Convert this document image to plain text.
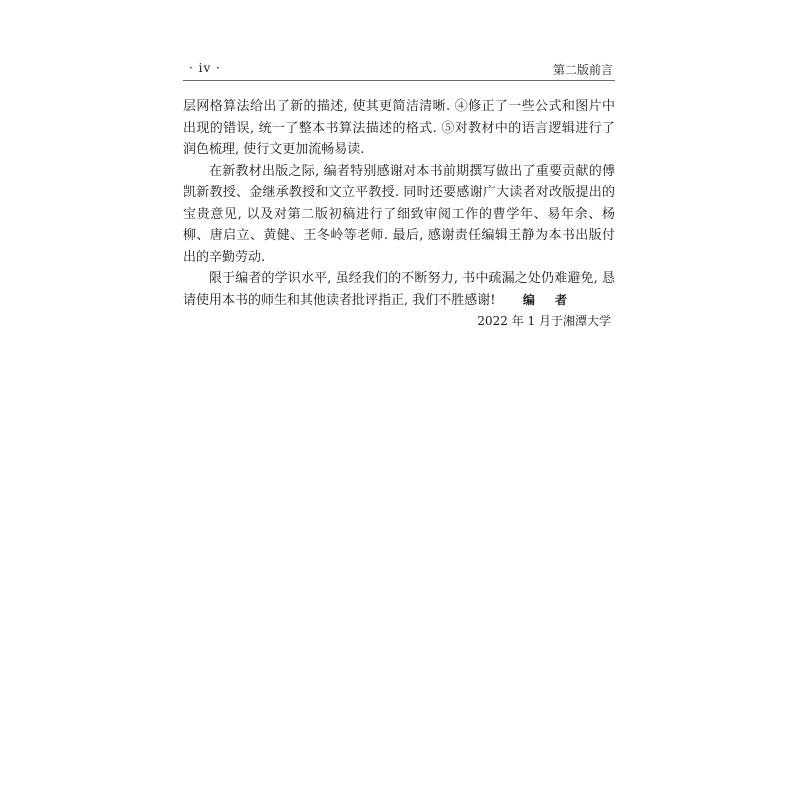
· iv ·	第二版前言

层网格算法给出了新的描述, 使其更简洁清晰. ④修正了一些公式和图片中出现的错误, 统一了整本书算法描述的格式. ⑤对教材中的语言逻辑进行了润色梳理, 使行文更加流畅易读.

在新教材出版之际, 编者特别感谢对本书前期撰写做出了重要贡献的傅凯新教授、金继承教授和文立平教授. 同时还要感谢广大读者对改版提出的宝贵意见, 以及对第二版初稿进行了细致审阅工作的曹学年、易年余、杨柳、唐启立、黄健、王冬岭等老师. 最后, 感谢责任编辑王静为本书出版付出的辛勤劳动.

限于编者的学识水平, 虽经我们的不断努力, 书中疏漏之处仍难避免, 恳请使用本书的师生和其他读者批评指正, 我们不胜感谢!	编 者
2022 年 1 月于湘潭大学
